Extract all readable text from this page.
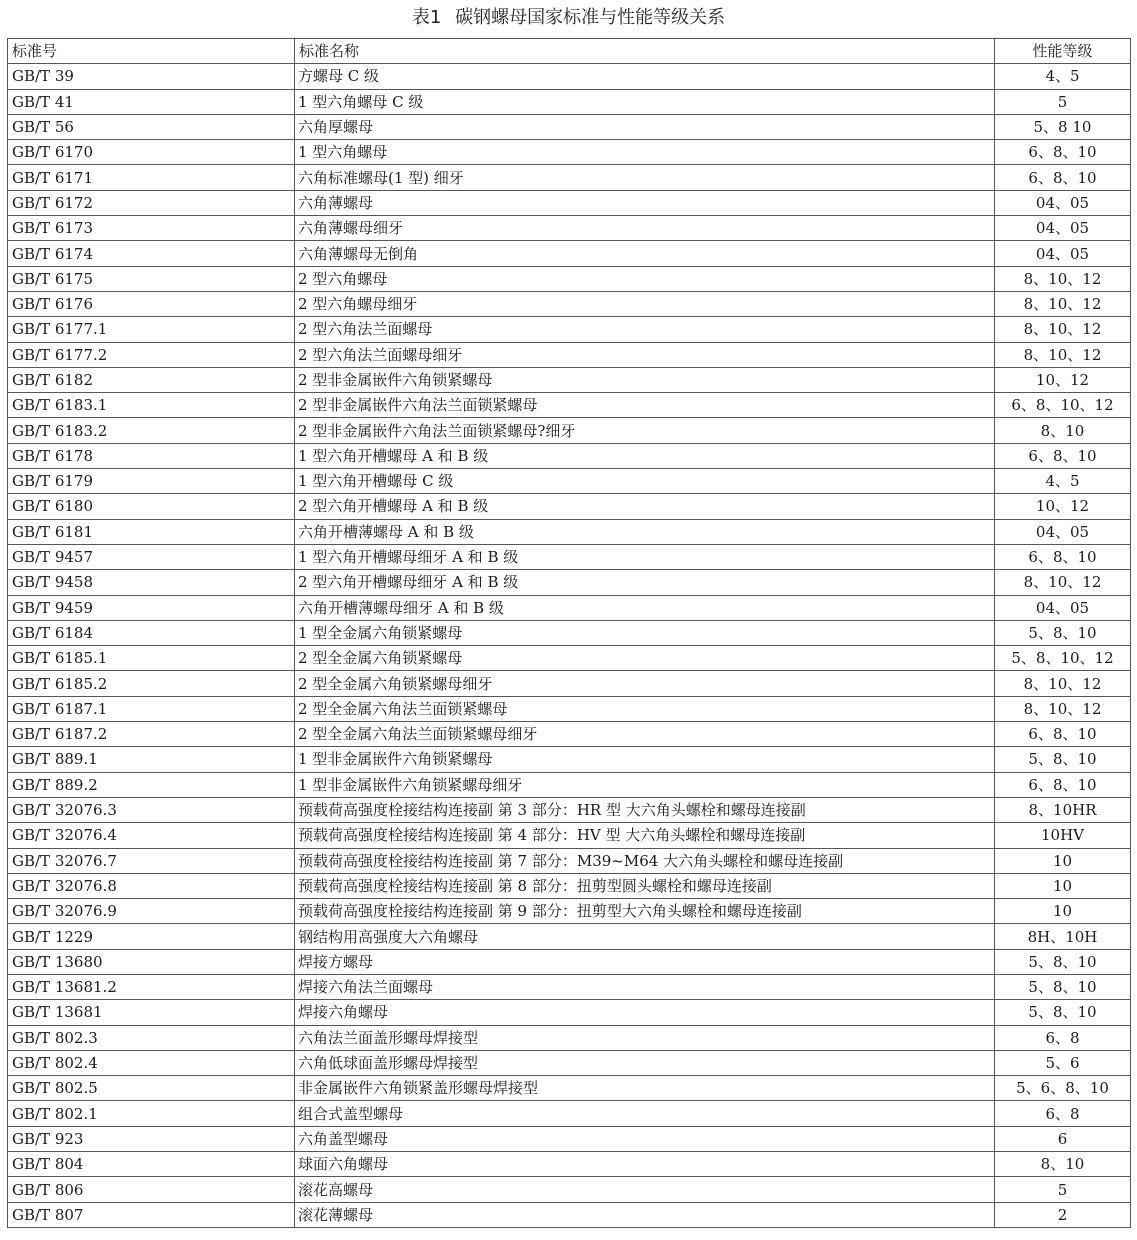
表1 碳钢螺母国家标准与性能等级关系
标准号	标准名称	性能等级
GB/T 39	方螺母 C 级	4、5
GB/T 41	1 型六角螺母 C 级	5
GB/T 56	六角厚螺母	5、8 10
GB/T 6170	1 型六角螺母	6、8、10
GB/T 6171	六角标准螺母(1 型) 细牙	6、8、10
GB/T 6172	六角薄螺母	04、05
GB/T 6173	六角薄螺母细牙	04、05
GB/T 6174	六角薄螺母无倒角	04、05
GB/T 6175	2 型六角螺母	8、10、12
GB/T 6176	2 型六角螺母细牙	8、10、12
GB/T 6177.1	2 型六角法兰面螺母	8、10、12
GB/T 6177.2	2 型六角法兰面螺母细牙	8、10、12
GB/T 6182	2 型非金属嵌件六角锁紧螺母	10、12
GB/T 6183.1	2 型非金属嵌件六角法兰面锁紧螺母	6、8、10、12
GB/T 6183.2	2 型非金属嵌件六角法兰面锁紧螺母?细牙	8、10
GB/T 6178	1 型六角开槽螺母 A 和 B 级	6、8、10
GB/T 6179	1 型六角开槽螺母 C 级	4、5
GB/T 6180	2 型六角开槽螺母 A 和 B 级	10、12
GB/T 6181	六角开槽薄螺母 A 和 B 级	04、05
GB/T 9457	1 型六角开槽螺母细牙 A 和 B 级	6、8、10
GB/T 9458	2 型六角开槽螺母细牙 A 和 B 级	8、10、12
GB/T 9459	六角开槽薄螺母细牙 A 和 B 级	04、05
GB/T 6184	1 型全金属六角锁紧螺母	5、8、10
GB/T 6185.1	2 型全金属六角锁紧螺母	5、8、10、12
GB/T 6185.2	2 型全金属六角锁紧螺母细牙	8、10、12
GB/T 6187.1	2 型全金属六角法兰面锁紧螺母	8、10、12
GB/T 6187.2	2 型全金属六角法兰面锁紧螺母细牙	6、8、10
GB/T 889.1	1 型非金属嵌件六角锁紧螺母	5、8、10
GB/T 889.2	1 型非金属嵌件六角锁紧螺母细牙	6、8、10
GB/T 32076.3	预载荷高强度栓接结构连接副 第 3 部分：HR 型 大六角头螺栓和螺母连接副	8、10HR
GB/T 32076.4	预载荷高强度栓接结构连接副 第 4 部分：HV 型 大六角头螺栓和螺母连接副	10HV
GB/T 32076.7	预载荷高强度栓接结构连接副 第 7 部分：M39~M64 大六角头螺栓和螺母连接副	10
GB/T 32076.8	预载荷高强度栓接结构连接副 第 8 部分：扭剪型圆头螺栓和螺母连接副	10
GB/T 32076.9	预载荷高强度栓接结构连接副 第 9 部分：扭剪型大六角头螺栓和螺母连接副	10
GB/T 1229	钢结构用高强度大六角螺母	8H、10H
GB/T 13680	焊接方螺母	5、8、10
GB/T 13681.2	焊接六角法兰面螺母	5、8、10
GB/T 13681	焊接六角螺母	5、8、10
GB/T 802.3	六角法兰面盖形螺母焊接型	6、8
GB/T 802.4	六角低球面盖形螺母焊接型	5、6
GB/T 802.5	非金属嵌件六角锁紧盖形螺母焊接型	5、6、8、10
GB/T 802.1	组合式盖型螺母	6、8
GB/T 923	六角盖型螺母	6
GB/T 804	球面六角螺母	8、10
GB/T 806	滚花高螺母	5
GB/T 807	滚花薄螺母	2
